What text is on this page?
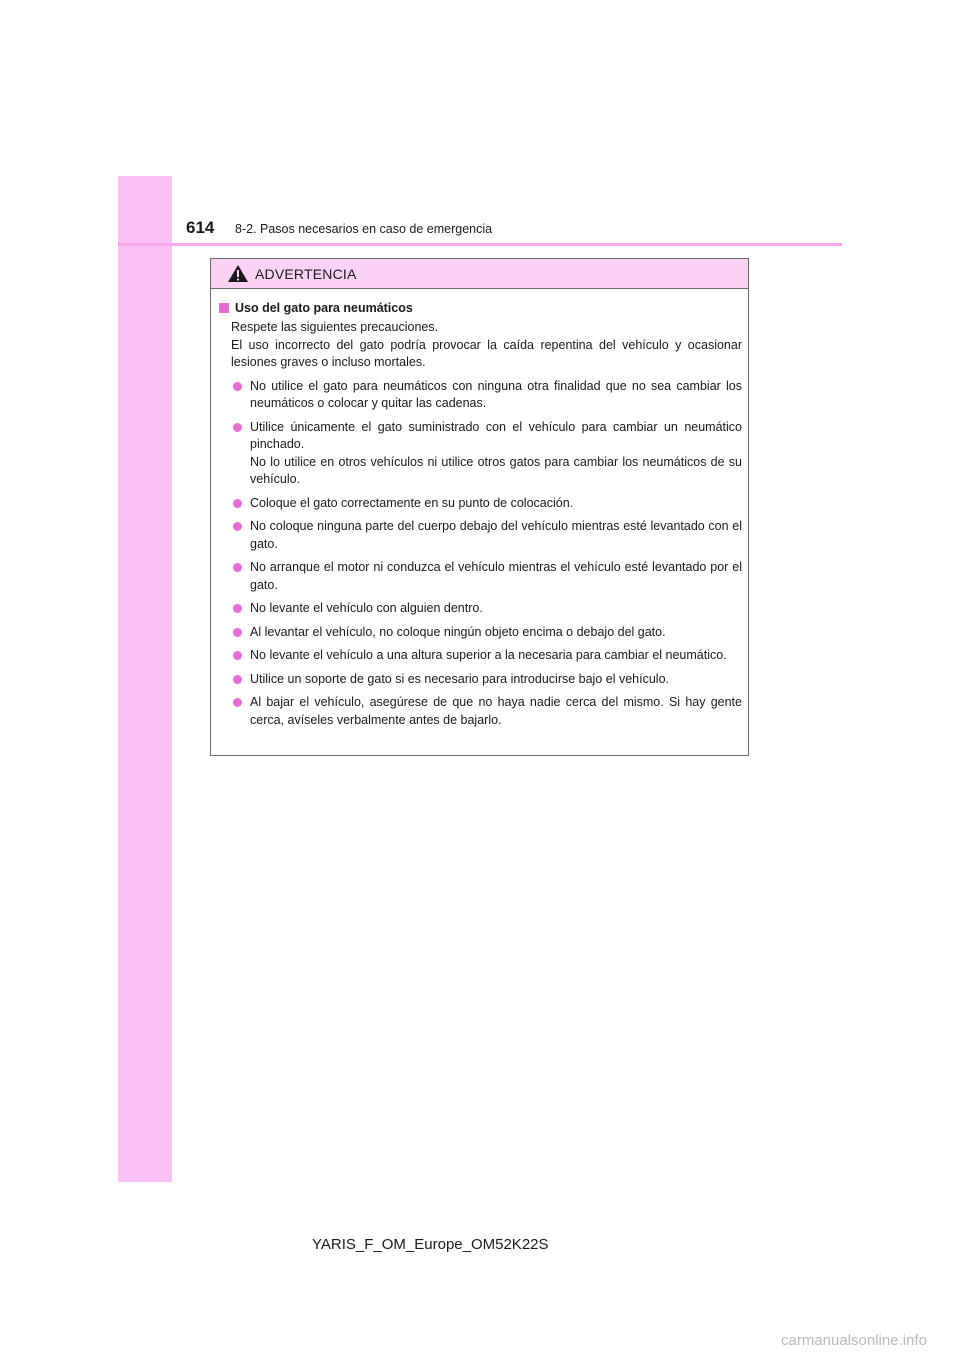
614 8-2. Pasos necesarios en caso de emergencia
ADVERTENCIA
Uso del gato para neumáticos

Respete las siguientes precauciones.

El uso incorrecto del gato podría provocar la caída repentina del vehículo y ocasionar lesiones graves o incluso mortales.

No utilice el gato para neumáticos con ninguna otra finalidad que no sea cambiar los neumáticos o colocar y quitar las cadenas.

Utilice únicamente el gato suministrado con el vehículo para cambiar un neumático pinchado.

No lo utilice en otros vehículos ni utilice otros gatos para cambiar los neumáticos de su vehículo.

Coloque el gato correctamente en su punto de colocación.

No coloque ninguna parte del cuerpo debajo del vehículo mientras esté levantado con el gato.

No arranque el motor ni conduzca el vehículo mientras el vehículo esté levantado por el gato.

No levante el vehículo con alguien dentro.

Al levantar el vehículo, no coloque ningún objeto encima o debajo del gato.

No levante el vehículo a una altura superior a la necesaria para cambiar el neumático.

Utilice un soporte de gato si es necesario para introducirse bajo el vehículo.

Al bajar el vehículo, asegúrese de que no haya nadie cerca del mismo. Si hay gente cerca, avíseles verbalmente antes de bajarlo.

YARIS_F_OM_Europe_OM52K22S
carmanualsonline.info
